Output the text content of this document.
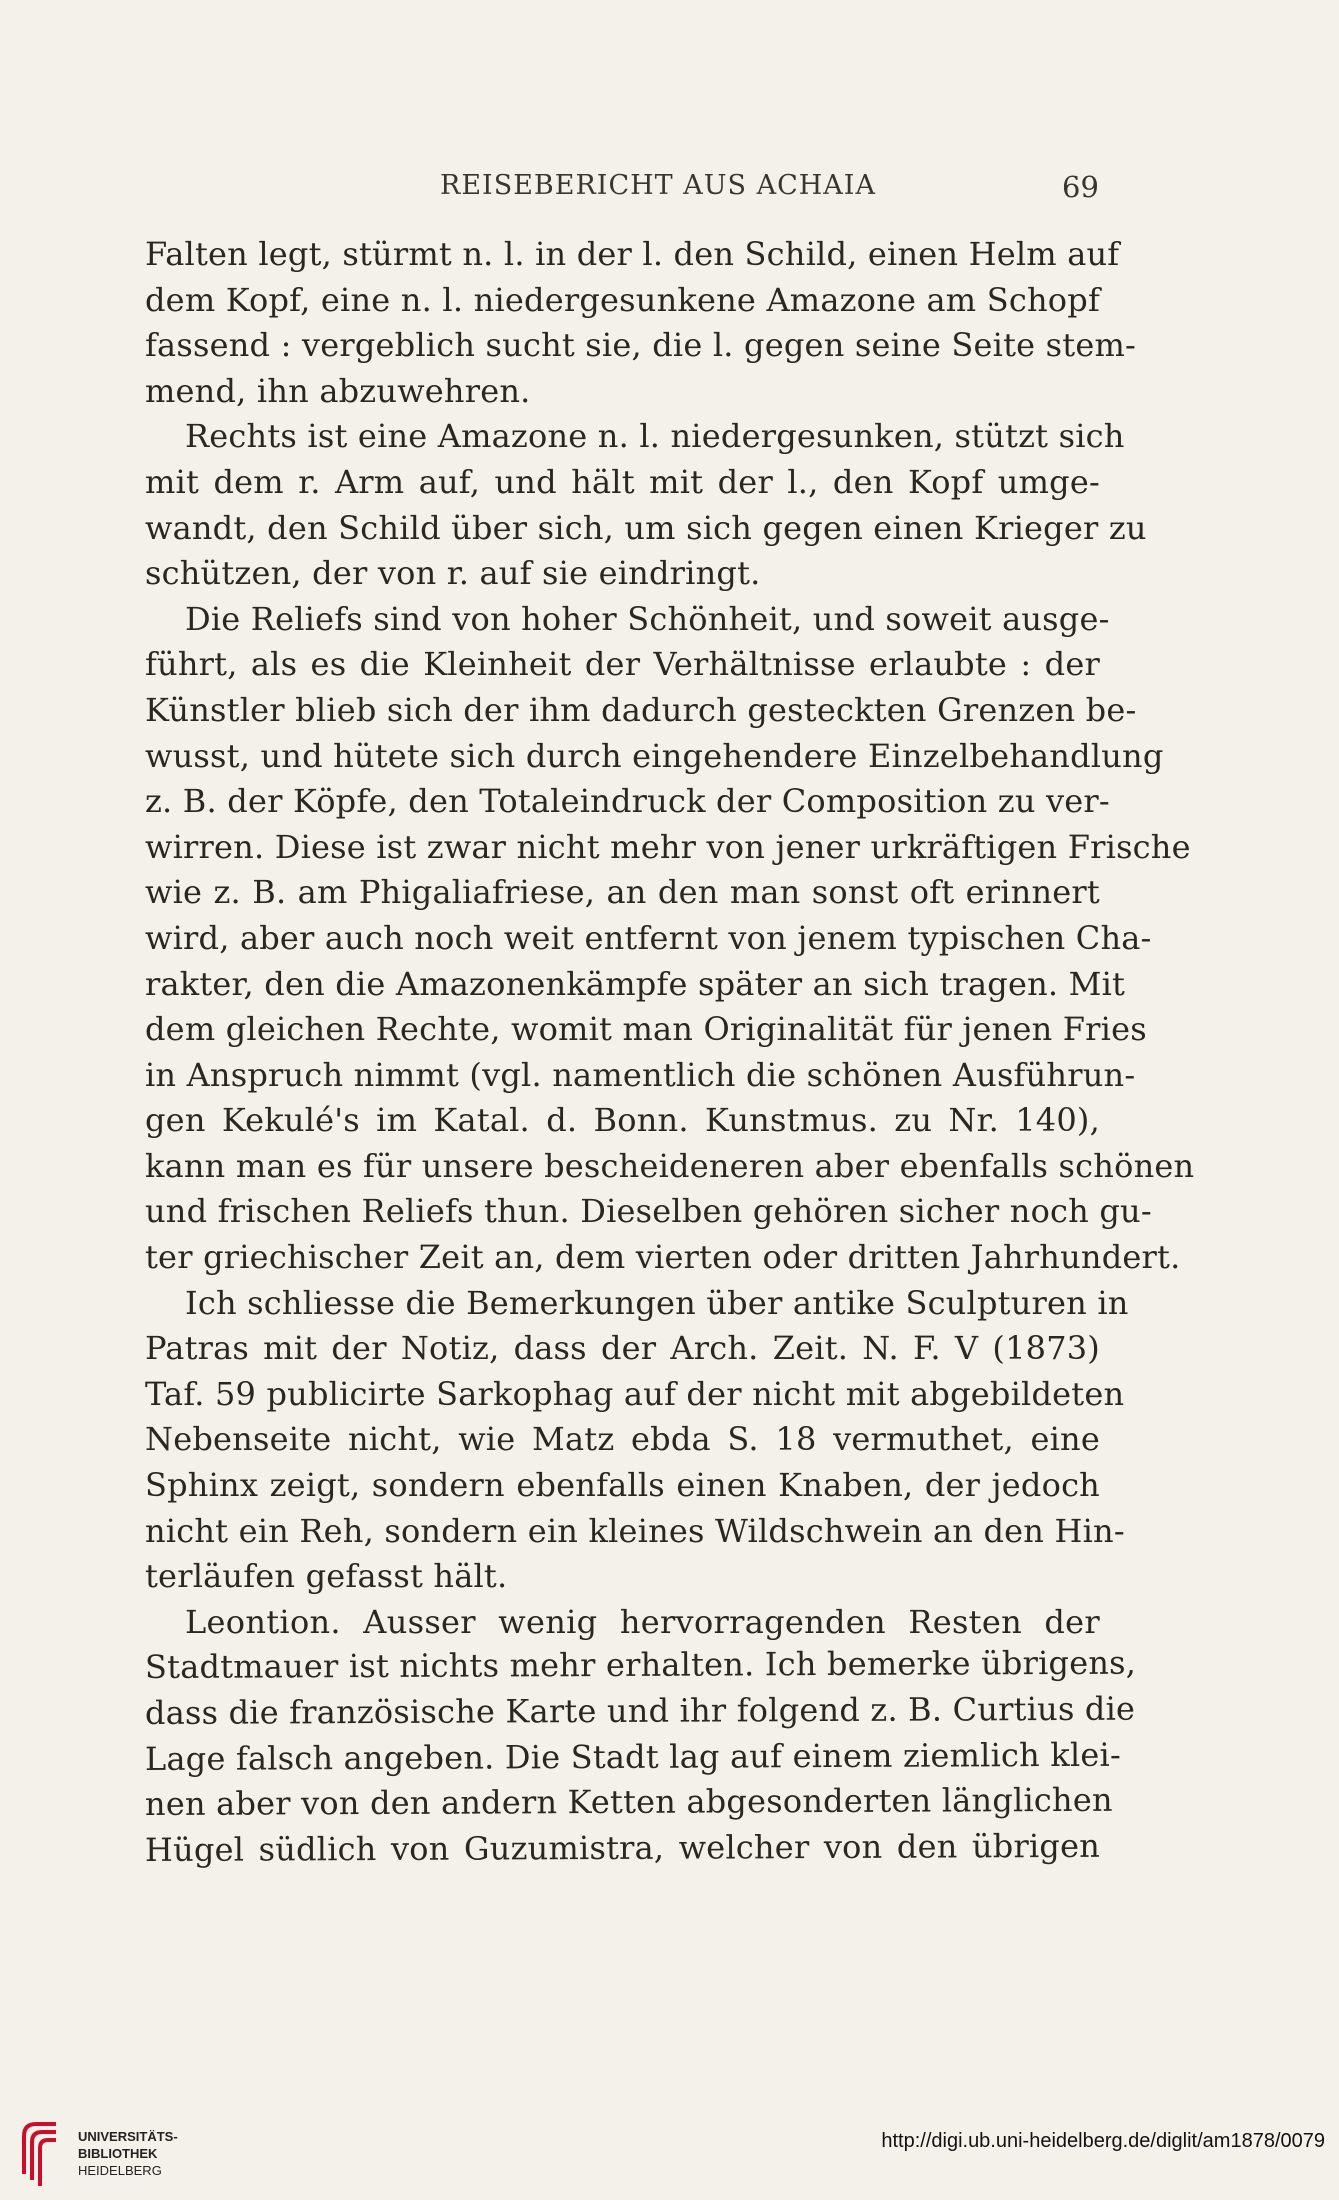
REISEBERICHT AUS ACHAIA	69
Falten legt, stürmt n. l. in der l. den Schild, einen Helm auf
dem Kopf, eine n. l. niedergesunkene Amazone am Schopf
fassend : vergeblich sucht sie, die l. gegen seine Seite stem-
mend, ihn abzuwehren.
Rechts ist eine Amazone n. l. niedergesunken, stützt sich
mit dem r. Arm auf, und hält mit der l., den Kopf umge-
wandt, den Schild über sich, um sich gegen einen Krieger zu
schützen, der von r. auf sie eindringt.
Die Reliefs sind von hoher Schönheit, und soweit ausge-
führt, als es die Kleinheit der Verhältnisse erlaubte : der
Künstler blieb sich der ihm dadurch gesteckten Grenzen be-
wusst, und hütete sich durch eingehendere Einzelbehandlung
z. B. der Köpfe, den Totaleindruck der Composition zu ver-
wirren. Diese ist zwar nicht mehr von jener urkräftigen Frische
wie z. B. am Phigaliafriese, an den man sonst oft erinnert
wird, aber auch noch weit entfernt von jenem typischen Cha-
rakter, den die Amazonenkämpfe später an sich tragen. Mit
dem gleichen Rechte, womit man Originalität für jenen Fries
in Anspruch nimmt (vgl. namentlich die schönen Ausführun-
gen Kekulé's im Katal. d. Bonn. Kunstmus. zu Nr. 140),
kann man es für unsere bescheideneren aber ebenfalls schönen
und frischen Reliefs thun. Dieselben gehören sicher noch gu-
ter griechischer Zeit an, dem vierten oder dritten Jahrhundert.
Ich schliesse die Bemerkungen über antike Sculpturen in
Patras mit der Notiz, dass der Arch. Zeit. N. F. V (1873)
Taf. 59 publicirte Sarkophag auf der nicht mit abgebildeten
Nebenseite nicht, wie Matz ebda S. 18 vermuthet, eine
Sphinx zeigt, sondern ebenfalls einen Knaben, der jedoch
nicht ein Reh, sondern ein kleines Wildschwein an den Hin-
terläufen gefasst hält.
Leontion. Ausser wenig hervorragenden Resten der
Stadtmauer ist nichts mehr erhalten. Ich bemerke übrigens,
dass die französische Karte und ihr folgend z. B. Curtius die
Lage falsch angeben. Die Stadt lag auf einem ziemlich klei-
nen aber von den andern Ketten abgesonderten länglichen
Hügel südlich von Guzumistra, welcher von den übrigen
UNIVERSITÄTS-
BIBLIOTHEK
HEIDELBERG
http://digi.ub.uni-heidelberg.de/diglit/am1878/0079
